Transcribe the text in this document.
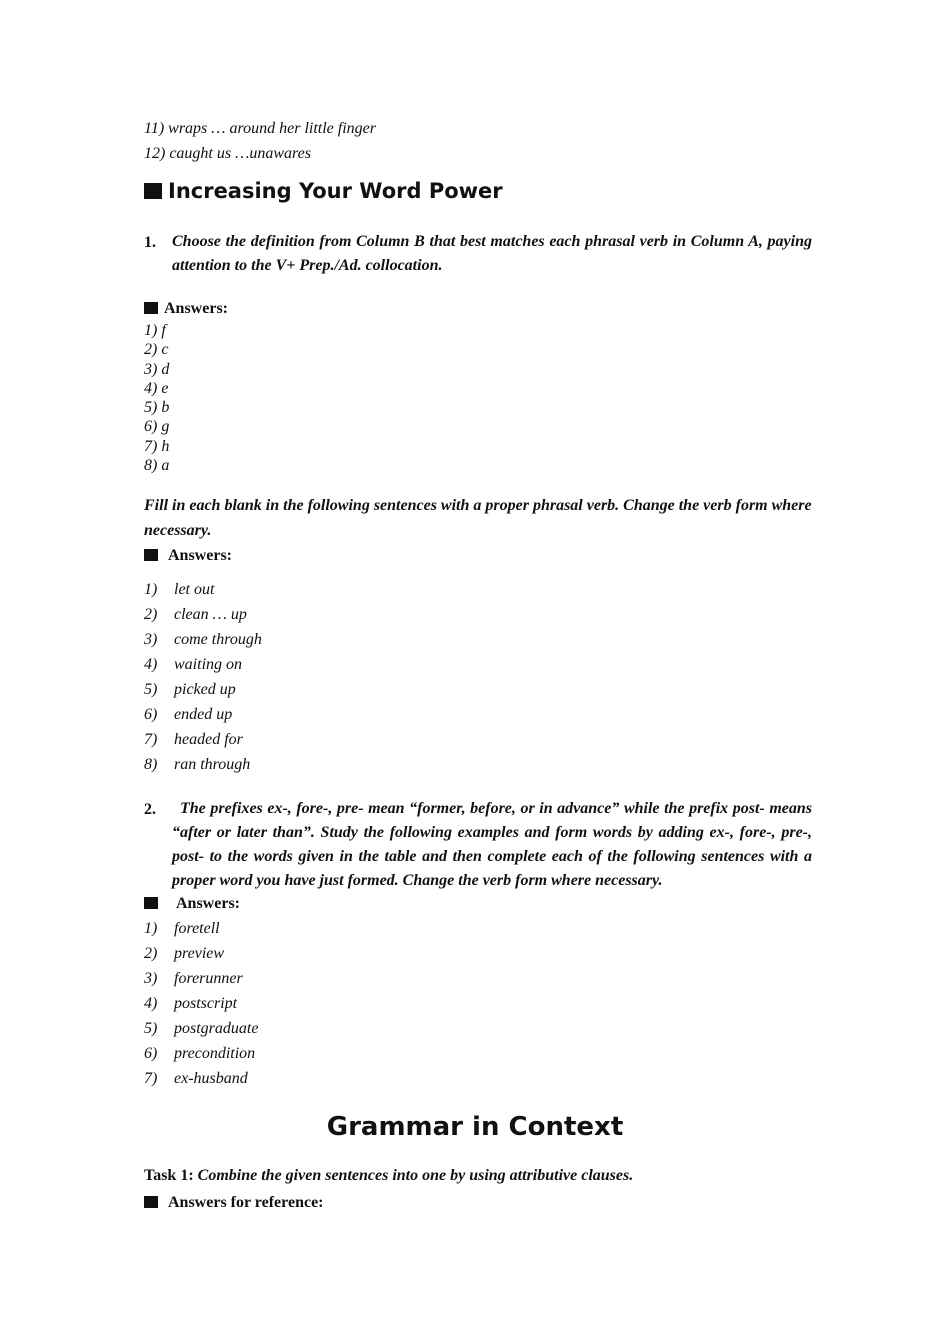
11) wraps … around her little finger
12) caught us …unawares
Increasing Your Word Power
1. Choose the definition from Column B that best matches each phrasal verb in Column A, paying attention to the V+ Prep./Ad. collocation.
Answers:
1) f
2) c
3) d
4) e
5) b
6) g
7) h
8) a
Fill in each blank in the following sentences with a proper phrasal verb. Change the verb form where necessary.
Answers:
1) let out
2) clean … up
3) come through
4) waiting on
5) picked up
6) ended up
7) headed for
8) ran through
2.	The prefixes ex-, fore-, pre- mean “former, before, or in advance” while the prefix post- means “after or later than”. Study the following examples and form words by adding ex-, fore-, pre-, post- to the words given in the table and then complete each of the following sentences with a proper word you have just formed. Change the verb form where necessary.
Answers:
1) foretell
2) preview
3) forerunner
4) postscript
5) postgraduate
6) precondition
7) ex-husband
Grammar in Context
Task 1: Combine the given sentences into one by using attributive clauses.
Answers for reference:
